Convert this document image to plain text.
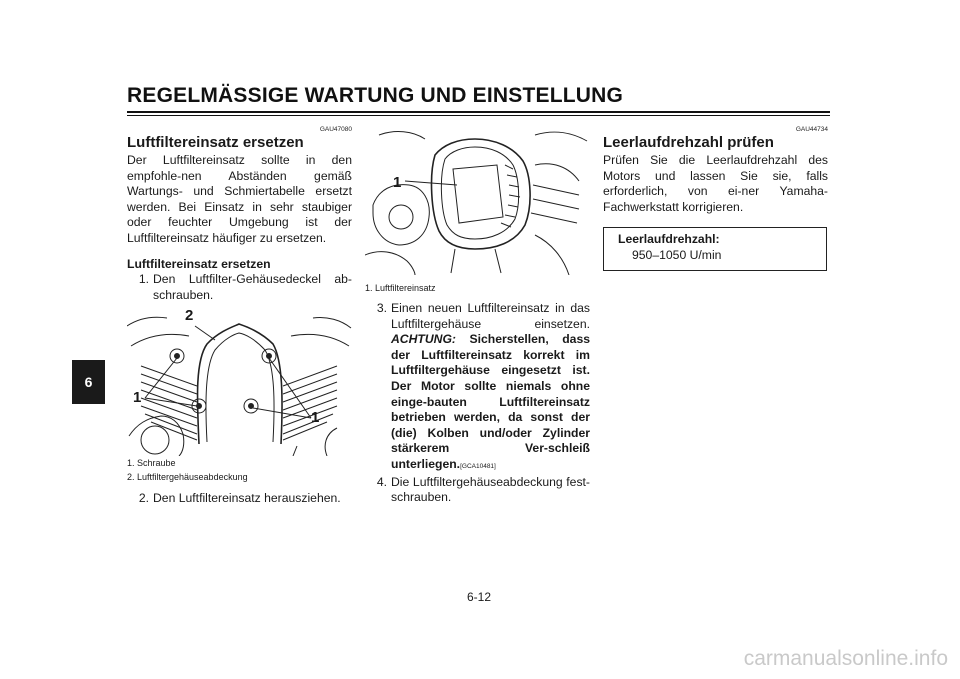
REGELMÄSSIGE WARTUNG UND EINSTELLUNG
6
GAU47080
Luftfiltereinsatz ersetzen

Der Luftfiltereinsatz sollte in den empfohle-nen Abständen gemäß Wartungs- und Schmiertabelle ersetzt werden. Bei Einsatz in sehr staubiger oder feuchter Umgebung ist der Luftfiltereinsatz häufiger zu ersetzen.

Luftfiltereinsatz ersetzen
1. Den Luftfilter-Gehäusedeckel ab-schrauben.
2
1
1

1. Schraube

2. Luftfiltergehäuseabdeckung

2. Den Luftfiltereinsatz herausziehen.
1

1. Luftfiltereinsatz

3. Einen neuen Luftfiltereinsatz in das Luftfiltergehäuse einsetzen. ACHTUNG: Sicherstellen, dass der Luftfiltereinsatz korrekt im Luftfiltergehäuse eingesetzt ist. Der Motor sollte niemals ohne einge-bauten Luftfiltereinsatz betrieben werden, da sonst der (die) Kolben und/oder Zylinder stärkerem Ver-schleiß unterliegen.[GCA10481]
4. Die Luftfiltergehäuseabdeckung fest-schrauben.
GAU44734
Leerlaufdrehzahl prüfen

Prüfen Sie die Leerlaufdrehzahl des Motors und lassen Sie sie, falls erforderlich, von ei-ner Yamaha-Fachwerkstatt korrigieren.

Leerlaufdrehzahl:
950–1050 U/min
6-12
carmanualsonline.info
